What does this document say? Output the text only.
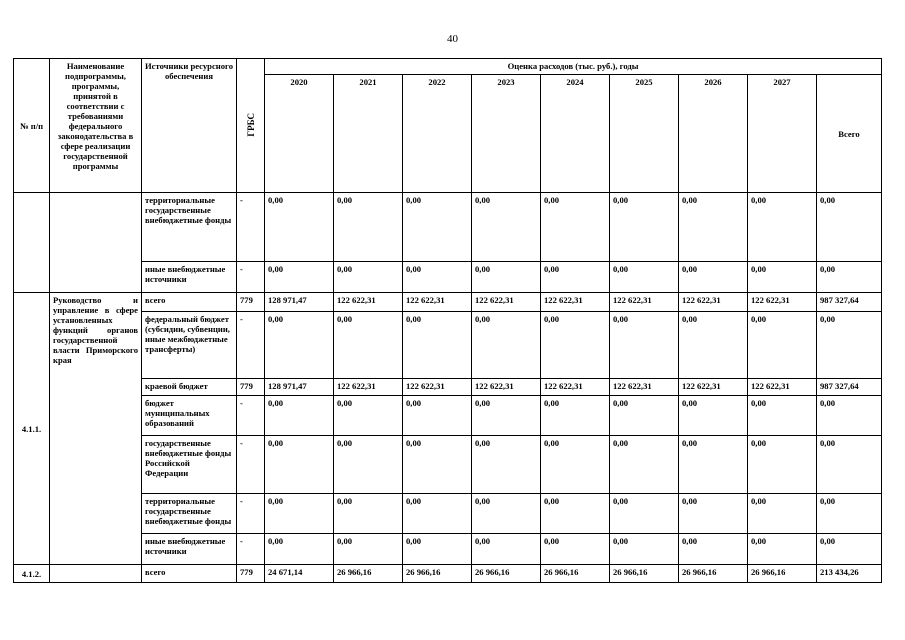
40
№ п/п	Наименование подпрограммы, программы, принятой в соответствии с требованиями федерального законодательства в сфере реализации государственной программы	Источники ресурсного обеспечения	ГРБС	Оценка расходов (тыс. руб.), годы								
				2020	2021	2022	2023	2024	2025	2026	2027	Всего
		территориальные государственные внебюджетные фонды	-	0,00	0,00	0,00	0,00	0,00	0,00	0,00	0,00	0,00
		иные внебюджетные источники	-	0,00	0,00	0,00	0,00	0,00	0,00	0,00	0,00	0,00
4.1.1.	Руководство и управление в сфере установленных функций органов государственной власти Приморского края	всего	779	128 971,47	122 622,31	122 622,31	122 622,31	122 622,31	122 622,31	122 622,31	122 622,31	987 327,64
		федеральный бюджет (субсидии, субвенции, иные межбюджетные трансферты)	-	0,00	0,00	0,00	0,00	0,00	0,00	0,00	0,00	0,00
		краевой бюджет	779	128 971,47	122 622,31	122 622,31	122 622,31	122 622,31	122 622,31	122 622,31	122 622,31	987 327,64
		бюджет муниципальных образований	-	0,00	0,00	0,00	0,00	0,00	0,00	0,00	0,00	0,00
		государственные внебюджетные фонды Российской Федерации	-	0,00	0,00	0,00	0,00	0,00	0,00	0,00	0,00	0,00
		территориальные государственные внебюджетные фонды	-	0,00	0,00	0,00	0,00	0,00	0,00	0,00	0,00	0,00
		иные внебюджетные источники	-	0,00	0,00	0,00	0,00	0,00	0,00	0,00	0,00	0,00
4.1.2.		всего	779	24 671,14	26 966,16	26 966,16	26 966,16	26 966,16	26 966,16	26 966,16	26 966,16	213 434,26
